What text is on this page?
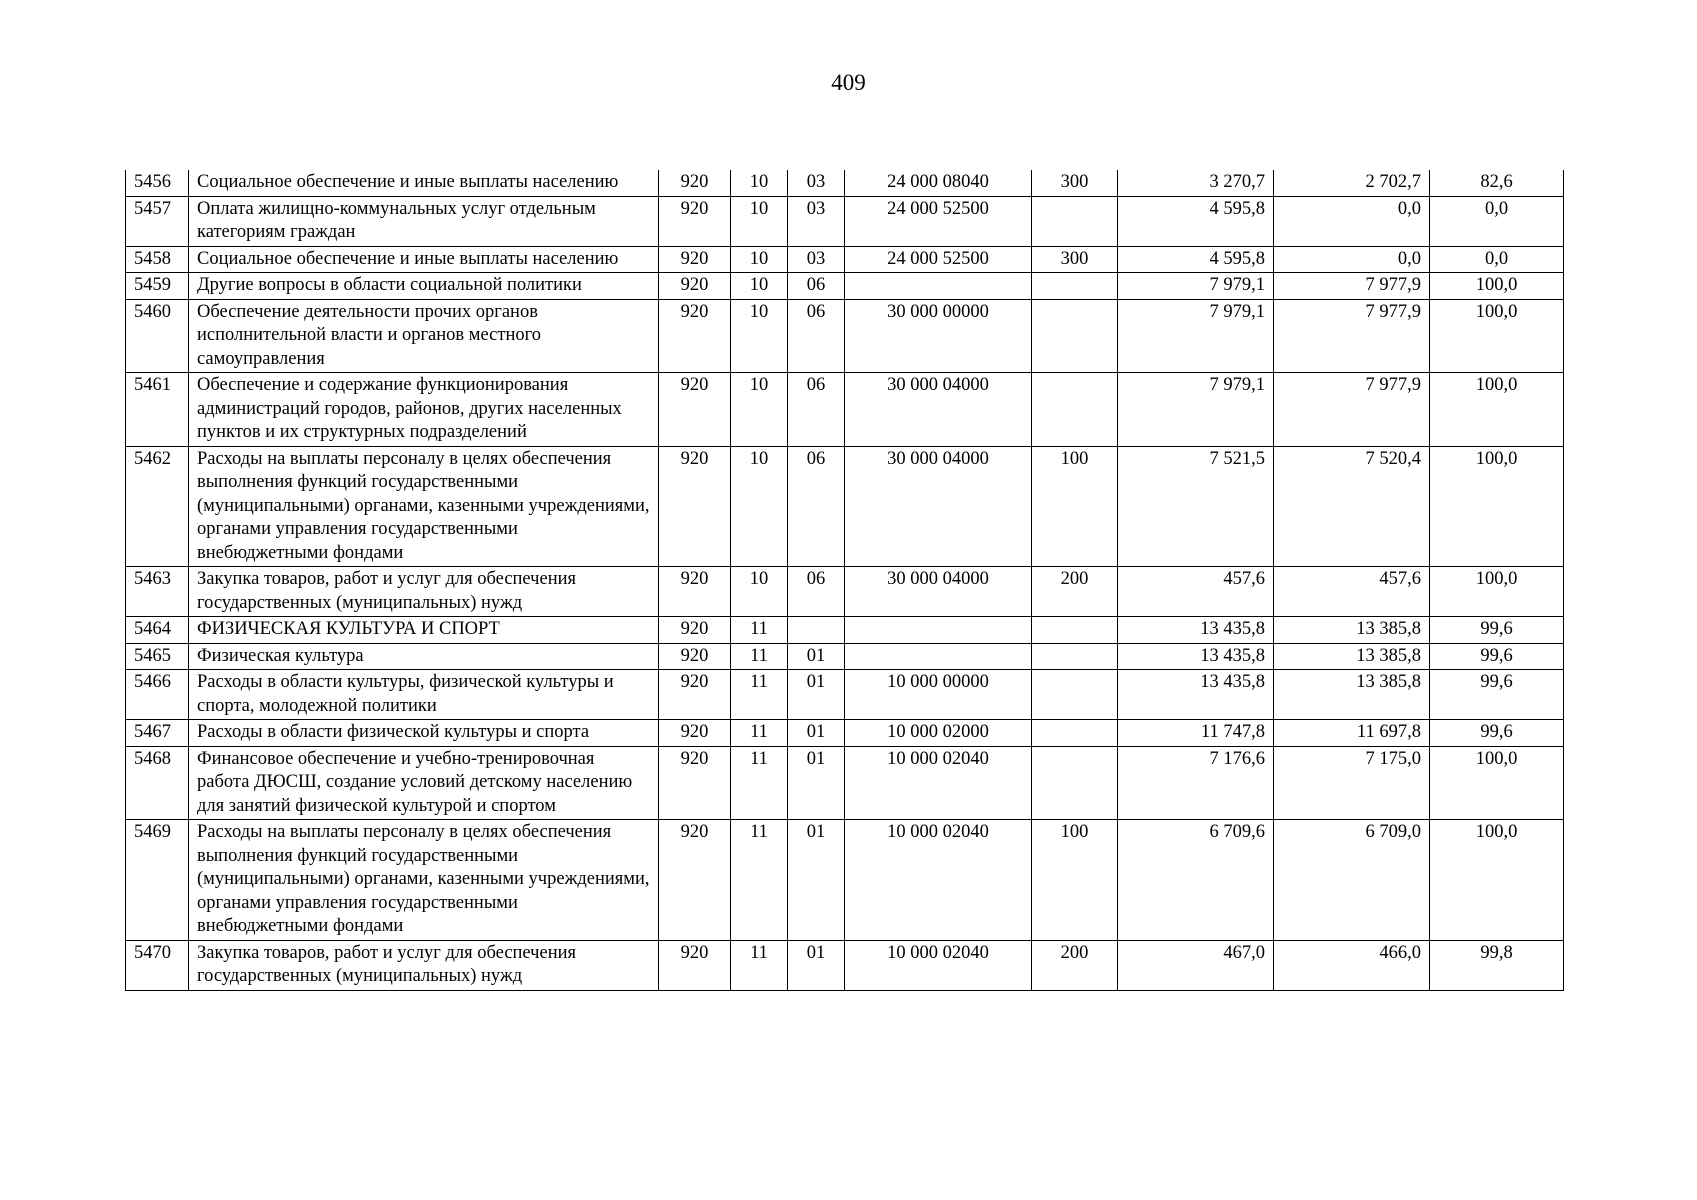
409
5456	Социальное обеспечение и иные выплаты населению	920	10	03	24 000 08040	300	3 270,7	2 702,7	82,6
5457	Оплата жилищно-коммунальных услуг отдельным категориям граждан	920	10	03	24 000 52500		4 595,8	0,0	0,0
5458	Социальное обеспечение и иные выплаты населению	920	10	03	24 000 52500	300	4 595,8	0,0	0,0
5459	Другие вопросы в области социальной политики	920	10	06			7 979,1	7 977,9	100,0
5460	Обеспечение деятельности прочих органов исполнительной власти и органов местного самоуправления	920	10	06	30 000 00000		7 979,1	7 977,9	100,0
5461	Обеспечение и содержание функционирования администраций городов, районов, других населенных пунктов и их структурных подразделений	920	10	06	30 000 04000		7 979,1	7 977,9	100,0
5462	Расходы на выплаты персоналу в целях обеспечения выполнения функций государственными (муниципальными) органами, казенными учреждениями, органами управления государственными внебюджетными фондами	920	10	06	30 000 04000	100	7 521,5	7 520,4	100,0
5463	Закупка товаров, работ и услуг для обеспечения государственных (муниципальных) нужд	920	10	06	30 000 04000	200	457,6	457,6	100,0
5464	ФИЗИЧЕСКАЯ КУЛЬТУРА И СПОРТ	920	11				13 435,8	13 385,8	99,6
5465	Физическая культура	920	11	01			13 435,8	13 385,8	99,6
5466	Расходы в области культуры, физической культуры и спорта, молодежной политики	920	11	01	10 000 00000		13 435,8	13 385,8	99,6
5467	Расходы в области физической культуры и спорта	920	11	01	10 000 02000		11 747,8	11 697,8	99,6
5468	Финансовое обеспечение и учебно-тренировочная работа ДЮСШ, создание условий детскому населению для занятий физической культурой и спортом	920	11	01	10 000 02040		7 176,6	7 175,0	100,0
5469	Расходы на выплаты персоналу в целях обеспечения выполнения функций государственными (муниципальными) органами, казенными учреждениями, органами управления государственными внебюджетными фондами	920	11	01	10 000 02040	100	6 709,6	6 709,0	100,0
5470	Закупка товаров, работ и услуг для обеспечения государственных (муниципальных) нужд	920	11	01	10 000 02040	200	467,0	466,0	99,8
